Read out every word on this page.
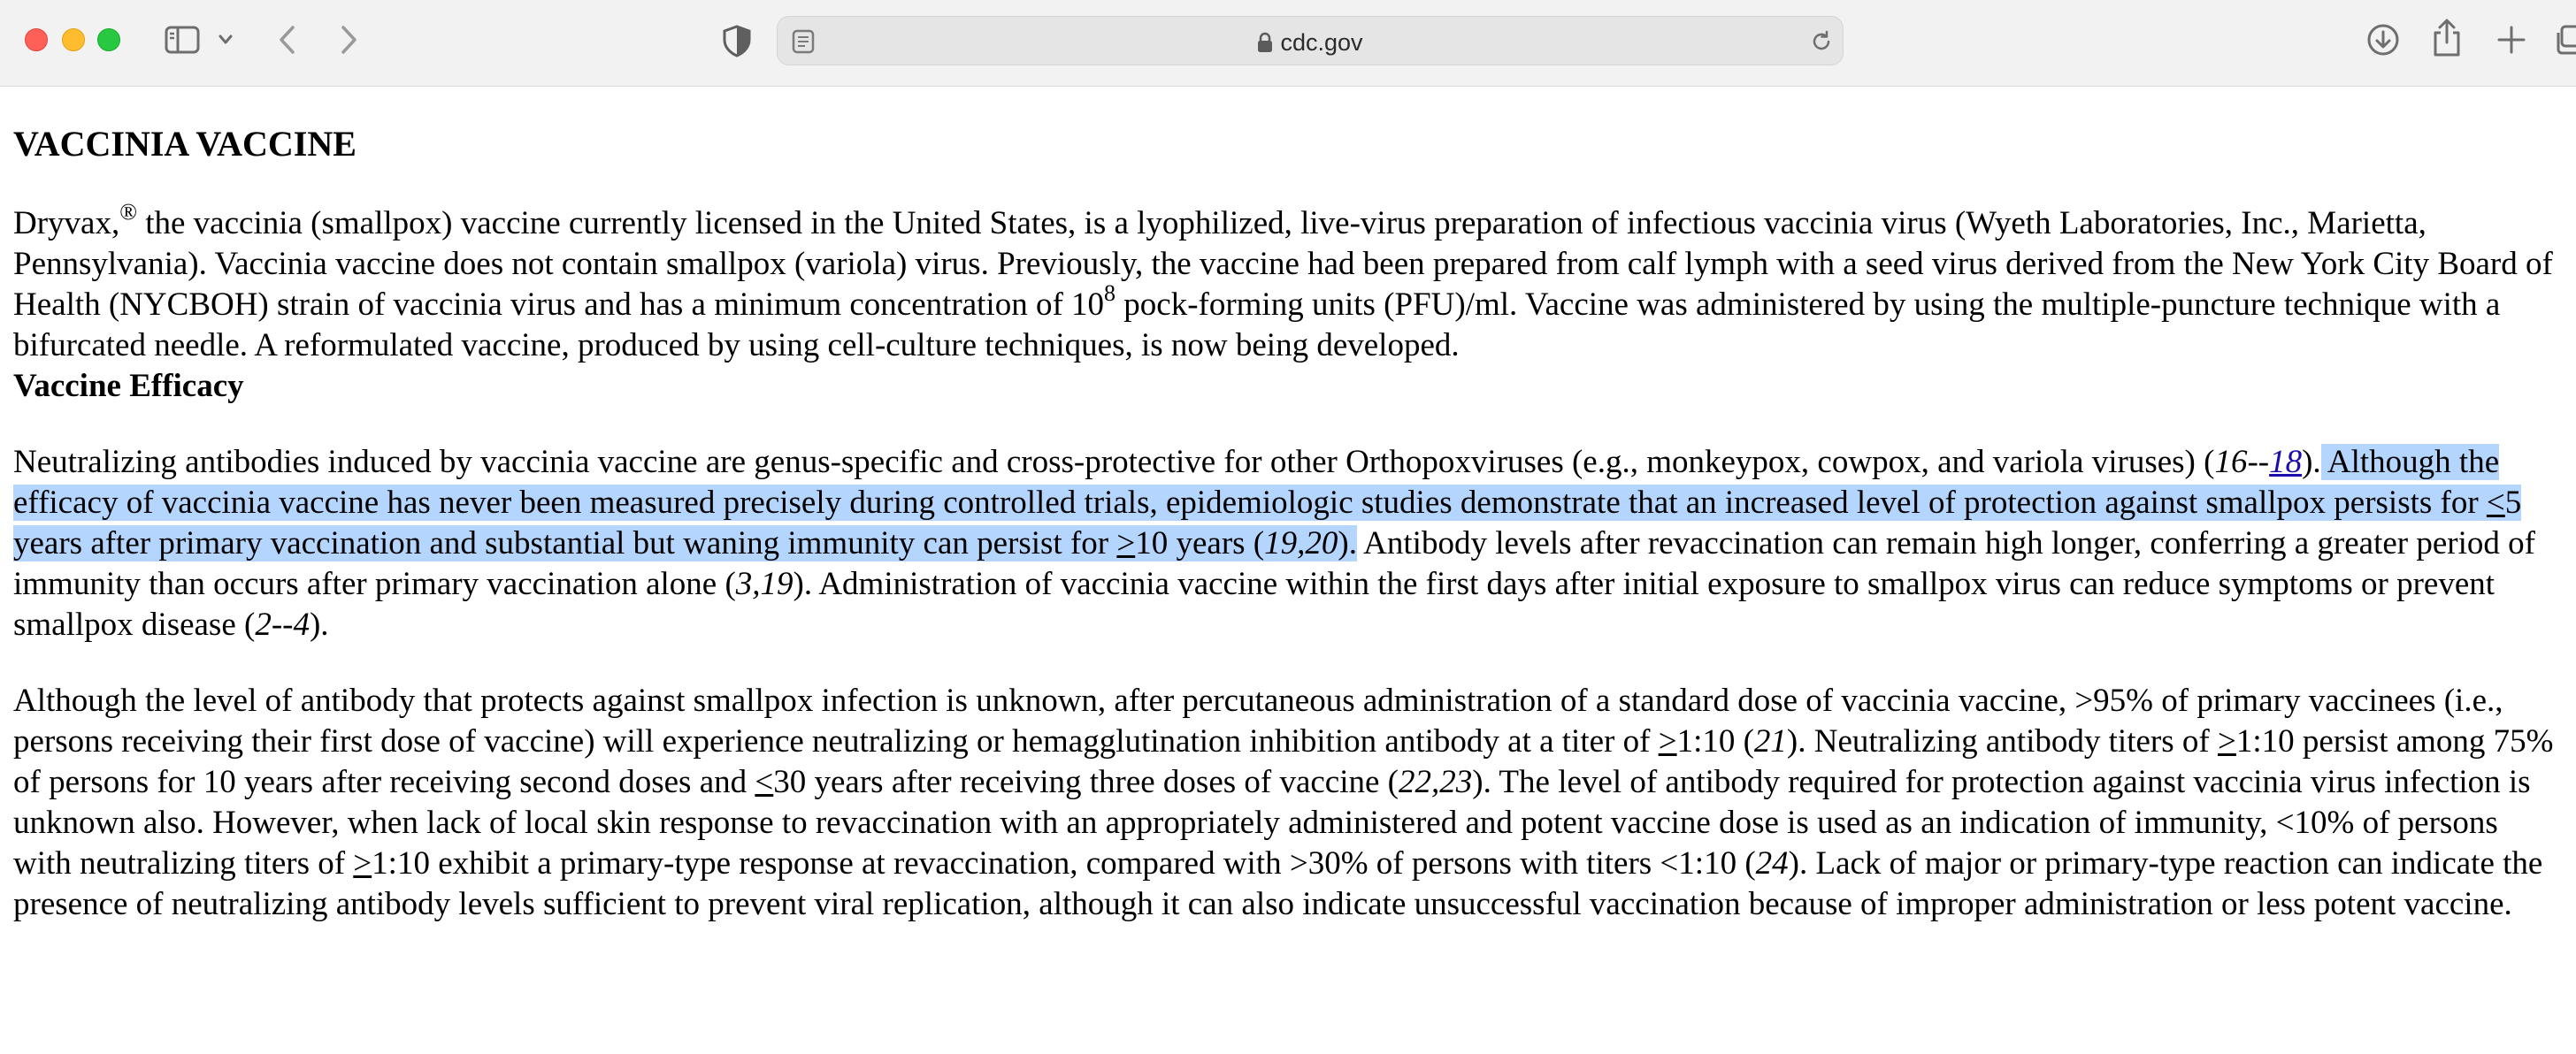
cdc.gov
VACCINIA VACCINE

Dryvax,® the vaccinia (smallpox) vaccine currently licensed in the United States, is a lyophilized, live-virus preparation of infectious vaccinia virus (Wyeth Laboratories, Inc., Marietta, Pennsylvania). Vaccinia vaccine does not contain smallpox (variola) virus. Previously, the vaccine had been prepared from calf lymph with a seed virus derived from the New York City Board of Health (NYCBOH) strain of vaccinia virus and has a minimum concentration of $10^8$ pock-forming units (PFU)/ml. Vaccine was administered by using the multiple-puncture technique with a bifurcated needle. A reformulated vaccine, produced by using cell-culture techniques, is now being developed.

Vaccine Efficacy

Neutralizing antibodies induced by vaccinia vaccine are genus-specific and cross-protective for other Orthopoxviruses (e.g., monkeypox, cowpox, and variola viruses) (16--18). Although the efficacy of vaccinia vaccine has never been measured precisely during controlled trials, epidemiologic studies demonstrate that an increased level of protection against smallpox persists for <5 years after primary vaccination and substantial but waning immunity can persist for >10 years (19,20). Antibody levels after revaccination can remain high longer, conferring a greater period of immunity than occurs after primary vaccination alone (3,19). Administration of vaccinia vaccine within the first days after initial exposure to smallpox virus can reduce symptoms or prevent smallpox disease (2--4).

Although the level of antibody that protects against smallpox infection is unknown, after percutaneous administration of a standard dose of vaccinia vaccine, >95% of primary vaccinees (i.e., persons receiving their first dose of vaccine) will experience neutralizing or hemagglutination inhibition antibody at a titer of >1:10 (21). Neutralizing antibody titers of >1:10 persist among 75% of persons for 10 years after receiving second doses and <30 years after receiving three doses of vaccine (22,23). The level of antibody required for protection against vaccinia virus infection is unknown also. However, when lack of local skin response to revaccination with an appropriately administered and potent vaccine dose is used as an indication of immunity, <10% of persons with neutralizing titers of >1:10 exhibit a primary-type response at revaccination, compared with >30% of persons with titers <1:10 (24). Lack of major or primary-type reaction can indicate the presence of neutralizing antibody levels sufficient to prevent viral replication, although it can also indicate unsuccessful vaccination because of improper administration or less potent vaccine.
